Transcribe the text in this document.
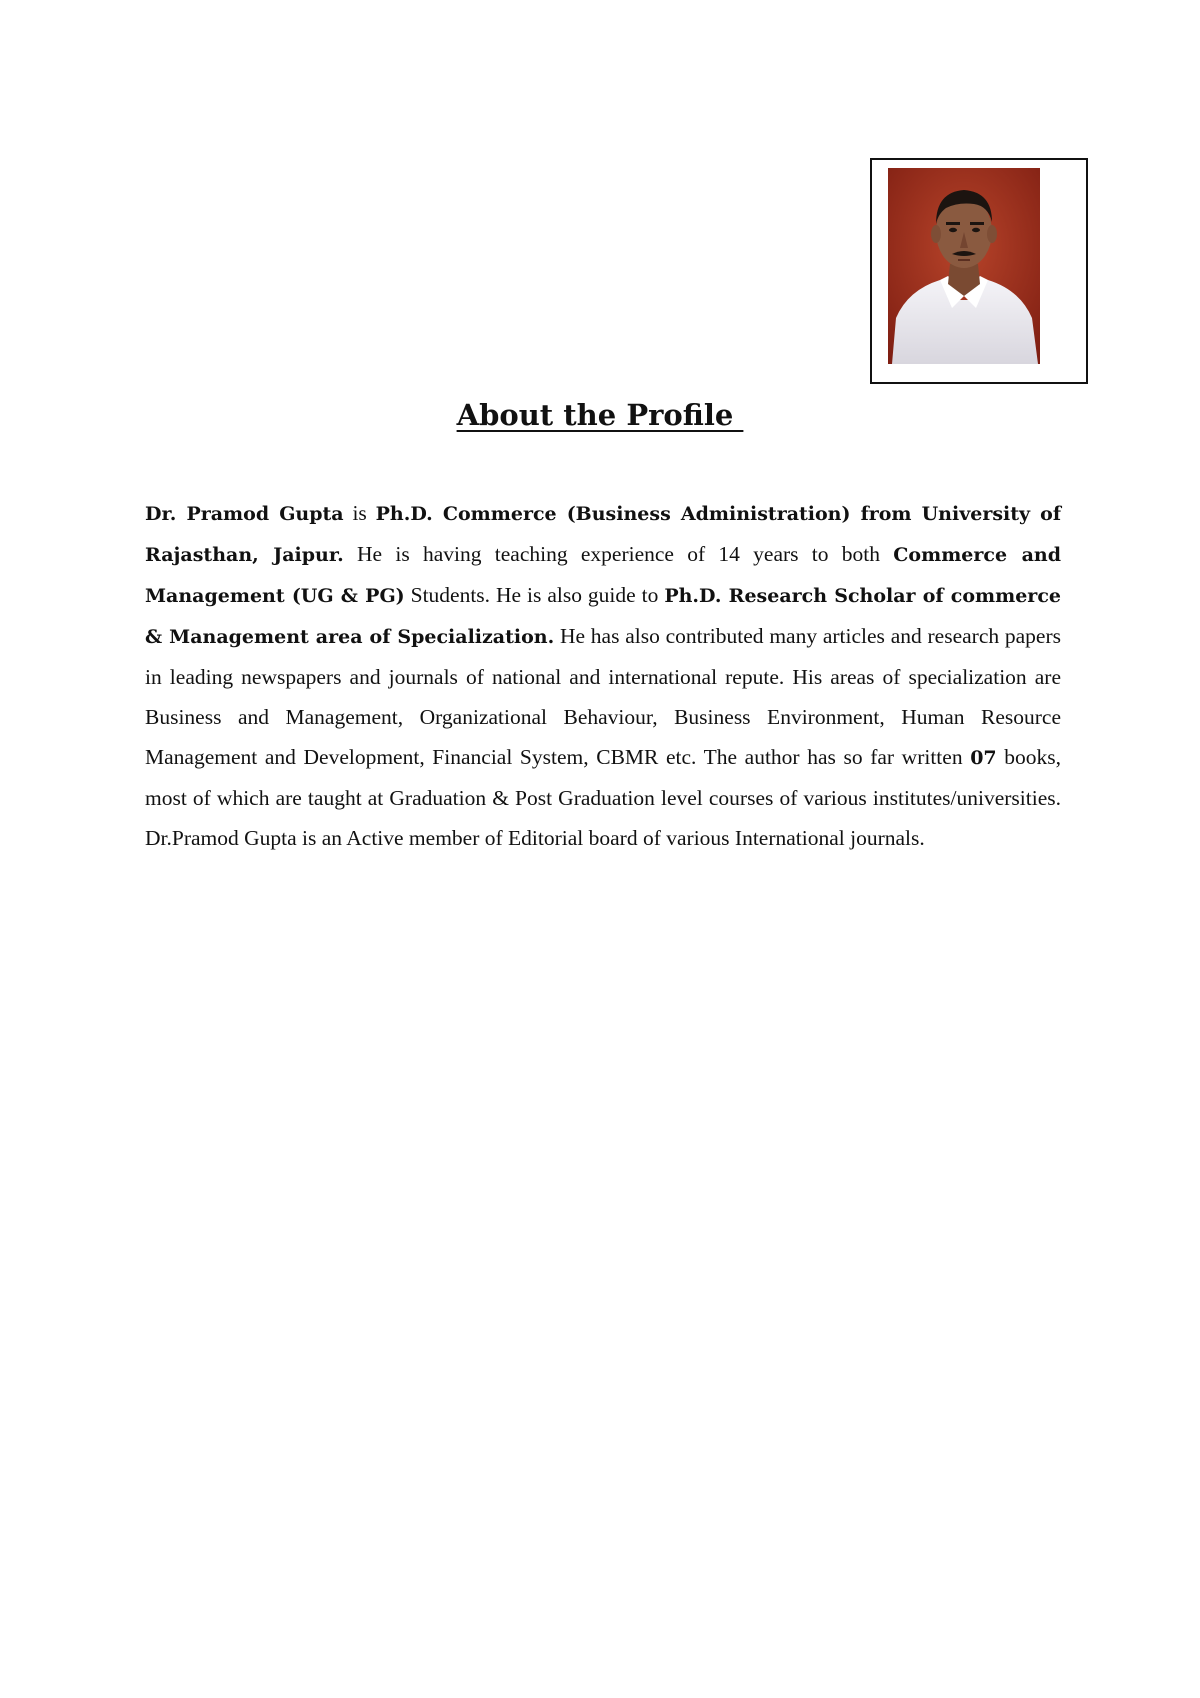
About the Profile

Dr. Pramod Gupta is Ph.D. Commerce (Business Administration) from University of Rajasthan, Jaipur. He is having teaching experience of 14 years to both Commerce and Management (UG & PG) Students. He is also guide to Ph.D. Research Scholar of commerce & Management area of Specialization. He has also contributed many articles and research papers in leading newspapers and journals of national and international repute. His areas of specialization are Business and Management, Organizational Behaviour, Business Environment, Human Resource Management and Development, Financial System, CBMR etc. The author has so far written 07 books, most of which are taught at Graduation & Post Graduation level courses of various institutes/universities. Dr.Pramod Gupta is an Active member of Editorial board of various International journals.
